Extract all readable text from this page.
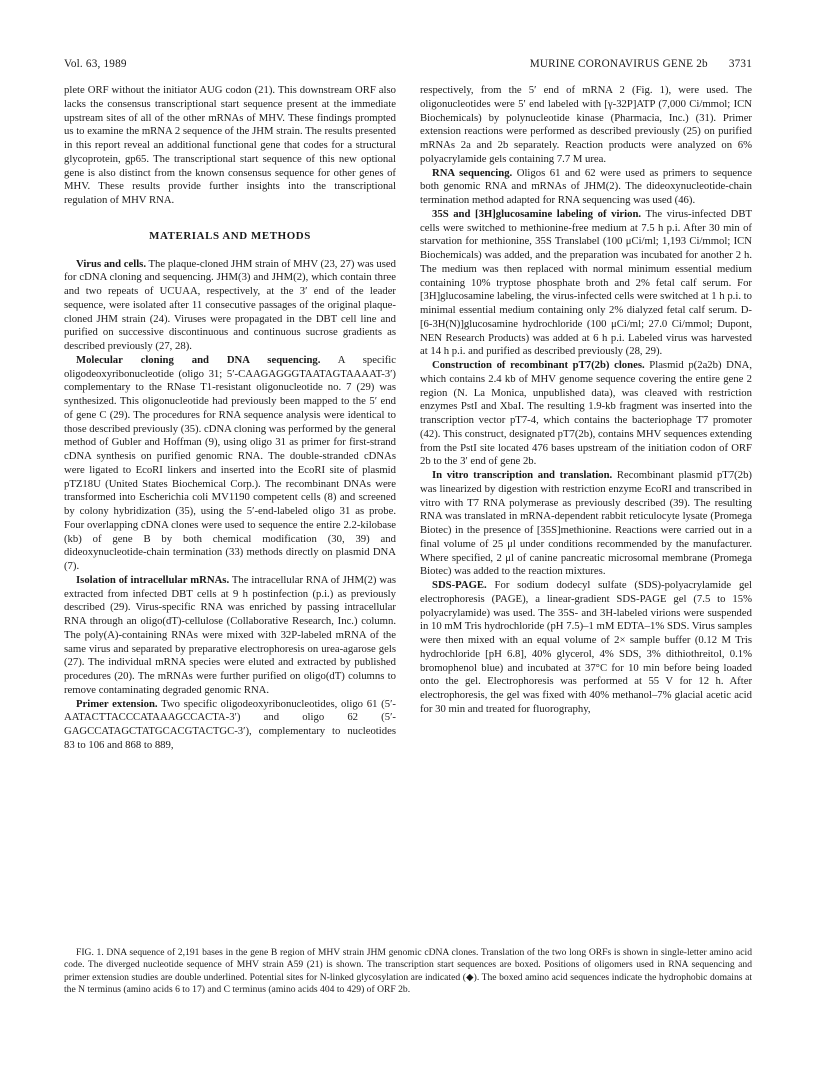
Vol. 63, 1989	MURINE CORONAVIRUS GENE 2b 3731

plete ORF without the initiator AUG codon (21). This downstream ORF also lacks the consensus transcriptional start sequence present at the immediate upstream sites of all of the other mRNAs of MHV. These findings prompted us to examine the mRNA 2 sequence of the JHM strain. The results presented in this report reveal an additional functional gene that codes for a structural glycoprotein, gp65. The transcriptional start sequence of this new optional gene is also distinct from the known consensus sequence for other genes of MHV. These results provide further insights into the transcriptional regulation of MHV RNA.

MATERIALS AND METHODS

Virus and cells. The plaque-cloned JHM strain of MHV (23, 27) was used for cDNA cloning and sequencing. JHM(3) and JHM(2), which contain three and two repeats of UCUAA, respectively, at the 3′ end of the leader sequence, were isolated after 11 consecutive passages of the original plaque-cloned JHM strain (24). Viruses were propagated in the DBT cell line and purified on successive discontinuous and continuous sucrose gradients as described previously (27, 28).

Molecular cloning and DNA sequencing. A specific oligodeoxyribonucleotide (oligo 31; 5′-CAAGAGGGTAATAGTAAAAT-3′) complementary to the RNase T1-resistant oligonucleotide no. 7 (29) was synthesized. This oligonucleotide had previously been mapped to the 5′ end of gene C (29). The procedures for RNA sequence analysis were identical to those described previously (35). cDNA cloning was performed by the general method of Gubler and Hoffman (9), using oligo 31 as primer for first-strand cDNA synthesis on purified genomic RNA. The double-stranded cDNAs were ligated to EcoRI linkers and inserted into the EcoRI site of plasmid pTZ18U (United States Biochemical Corp.). The recombinant DNAs were transformed into Escherichia coli MV1190 competent cells (8) and screened by colony hybridization (35), using the 5′-end-labeled oligo 31 as probe. Four overlapping cDNA clones were used to sequence the entire 2.2-kilobase (kb) of gene B by both chemical modification (30, 39) and dideoxynucleotide-chain termination (33) methods directly on plasmid DNA (7).

Isolation of intracellular mRNAs. The intracellular RNA of JHM(2) was extracted from infected DBT cells at 9 h postinfection (p.i.) as previously described (29). Virus-specific RNA was enriched by passing intracellular RNA through an oligo(dT)-cellulose (Collaborative Research, Inc.) column. The poly(A)-containing RNAs were mixed with 32P-labeled mRNA of the same virus and separated by preparative electrophoresis on urea-agarose gels (27). The individual mRNA species were eluted and extracted by published procedures (20). The mRNAs were further purified on oligo(dT) columns to remove contaminating degraded genomic RNA.

Primer extension. Two specific oligodeoxyribonucleotides, oligo 61 (5′-AATACTTACCCATAAAGCCACTA-3′) and oligo 62 (5′-GAGCCATAGCTATGCACGTACTGC-3′), complementary to nucleotides 83 to 106 and 868 to 889,

respectively, from the 5′ end of mRNA 2 (Fig. 1), were used. The oligonucleotides were 5′ end labeled with [γ-32P]ATP (7,000 Ci/mmol; ICN Biochemicals) by polynucleotide kinase (Pharmacia, Inc.) (31). Primer extension reactions were performed as described previously (25) on purified mRNAs 2a and 2b separately. Reaction products were analyzed on 6% polyacrylamide gels containing 7.7 M urea.

RNA sequencing. Oligos 61 and 62 were used as primers to sequence both genomic RNA and mRNAs of JHM(2). The dideoxynucleotide-chain termination method adapted for RNA sequencing was used (46).

35S and [3H]glucosamine labeling of virion. The virus-infected DBT cells were switched to methionine-free medium at 7.5 h p.i. After 30 min of starvation for methionine, 35S Translabel (100 μCi/ml; 1,193 Ci/mmol; ICN Biochemicals) was added, and the preparation was incubated for another 2 h. The medium was then replaced with normal minimum essential medium containing 10% tryptose phosphate broth and 2% fetal calf serum. For [3H]glucosamine labeling, the virus-infected cells were switched at 1 h p.i. to minimal essential medium containing only 2% dialyzed fetal calf serum. D-[6-3H(N)]glucosamine hydrochloride (100 μCi/ml; 27.0 Ci/mmol; Dupont, NEN Research Products) was added at 6 h p.i. Labeled virus was harvested at 14 h p.i. and purified as described previously (28, 29).

Construction of recombinant pT7(2b) clones. Plasmid p(2a2b) DNA, which contains 2.4 kb of MHV genome sequence covering the entire gene 2 region (N. La Monica, unpublished data), was cleaved with restriction enzymes PstI and XbaI. The resulting 1.9-kb fragment was inserted into the transcription vector pT7-4, which contains the bacteriophage T7 promoter (42). This construct, designated pT7(2b), contains MHV sequences extending from the PstI site located 476 bases upstream of the initiation codon of ORF 2b to the 3′ end of gene 2b.

In vitro transcription and translation. Recombinant plasmid pT7(2b) was linearized by digestion with restriction enzyme EcoRI and transcribed in vitro with T7 RNA polymerase as previously described (39). The resulting RNA was translated in mRNA-dependent rabbit reticulocyte lysate (Promega Biotec) in the presence of [35S]methionine. Reactions were carried out in a final volume of 25 μl under conditions recommended by the manufacturer. Where specified, 2 μl of canine pancreatic microsomal membrane (Promega Biotec) was added to the reaction mixtures.

SDS-PAGE. For sodium dodecyl sulfate (SDS)-polyacrylamide gel electrophoresis (PAGE), a linear-gradient SDS-PAGE gel (7.5 to 15% polyacrylamide) was used. The 35S- and 3H-labeled virions were suspended in 10 mM Tris hydrochloride (pH 7.5)–1 mM EDTA–1% SDS. Virus samples were then mixed with an equal volume of 2× sample buffer (0.12 M Tris hydrochloride [pH 6.8], 40% glycerol, 4% SDS, 3% dithiothreitol, 0.1% bromophenol blue) and incubated at 37°C for 10 min before being loaded onto the gel. Electrophoresis was performed at 55 V for 12 h. After electrophoresis, the gel was fixed with 40% methanol–7% glacial acetic acid for 30 min and treated for fluorography,

FIG. 1. DNA sequence of 2,191 bases in the gene B region of MHV strain JHM genomic cDNA clones. Translation of the two long ORFs is shown in single-letter amino acid code. The diverged nucleotide sequence of MHV strain A59 (21) is shown. The transcription start sequences are boxed. Positions of oligomers used in RNA sequencing and primer extension studies are double underlined. Potential sites for N-linked glycosylation are indicated (◆). The boxed amino acid sequences indicate the hydrophobic domains at the N terminus (amino acids 6 to 17) and C terminus (amino acids 404 to 429) of ORF 2b.
